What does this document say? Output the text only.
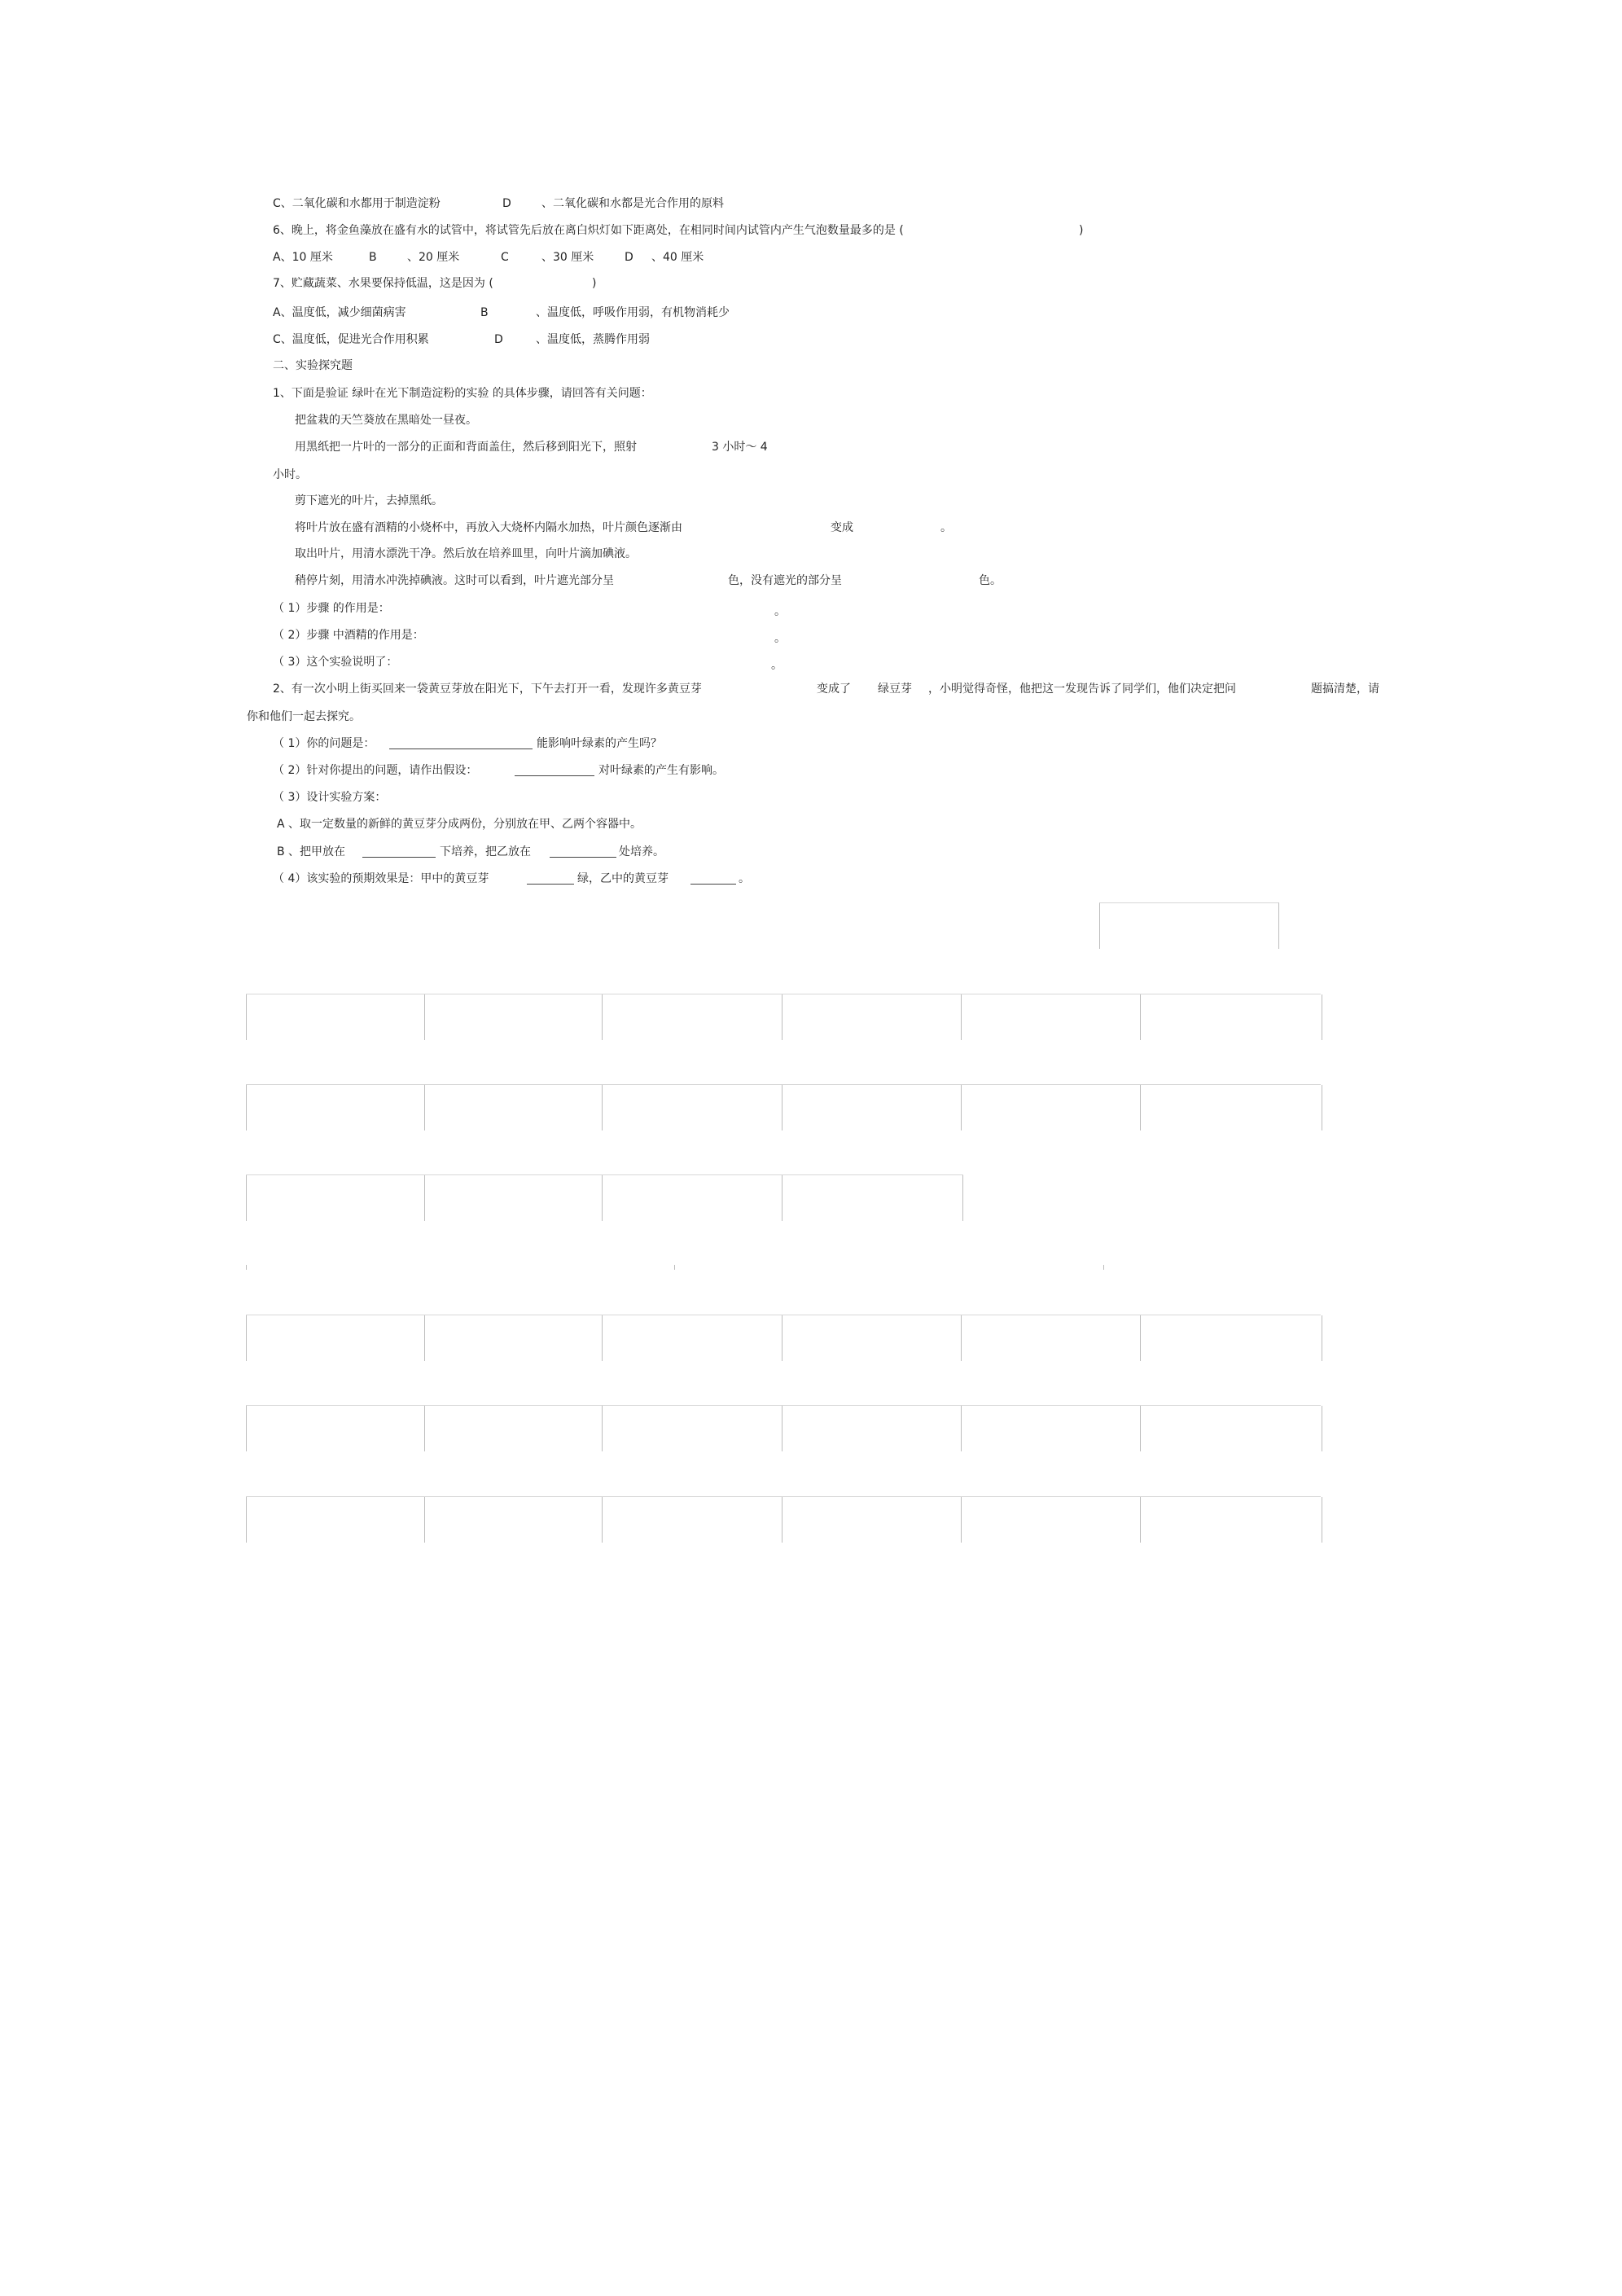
C、二氧化碳和水都用于制造淀粉	D	、二氧化碳和水都是光合作用的原料
6、晚上，将金鱼藻放在盛有水的试管中，将试管先后放在离白炽灯如下距离处，在相同时间内试管内产生气泡数量最多的是 (	)
A、10 厘米	B	、20 厘米	C	、30 厘米	D 、40 厘米
7、贮藏蔬菜、水果要保持低温，这是因为 (	)
A、温度低，减少细菌病害	B	、温度低，呼吸作用弱，有机物消耗少
C、温度低，促进光合作用积累	D	、温度低，蒸腾作用弱
二、实验探究题
1、下面是验证 绿叶在光下制造淀粉的实验 的具体步骤，请回答有关问题：
把盆栽的天竺葵放在黑暗处一昼夜。
用黑纸把一片叶的一部分的正面和背面盖住，然后移到阳光下，照射	3 小时～ 4
小时。
剪下遮光的叶片，去掉黑纸。
将叶片放在盛有酒精的小烧杯中，再放入大烧杯内隔水加热，叶片颜色逐渐由	变成	。
取出叶片，用清水漂洗干净。然后放在培养皿里，向叶片滴加碘液。
稍停片刻，用清水冲洗掉碘液。这时可以看到，叶片遮光部分呈	色，没有遮光的部分呈	色。
（ 1）步骤 的作用是：	。
（ 2）步骤 中酒精的作用是：	。
（ 3）这个实验说明了：	。
2、有一次小明上街买回来一袋黄豆芽放在阳光下，下午去打开一看，发现许多黄豆芽	变成了 绿豆芽 ，小明觉得奇怪，他把这一发现告诉了同学们，他们决定把问	题搞清楚，请
你和他们一起去探究。
（ 1）你的问题是：	能影响叶绿素的产生吗？
（ 2）针对你提出的问题，请作出假设：	对叶绿素的产生有影响。
（ 3）设计实验方案：
A 、取一定数量的新鲜的黄豆芽分成两份，分别放在甲、乙两个容器中。
B 、把甲放在	下培养，把乙放在	处培养。
（ 4）该实验的预期效果是：甲中的黄豆芽	绿，乙中的黄豆芽	。
